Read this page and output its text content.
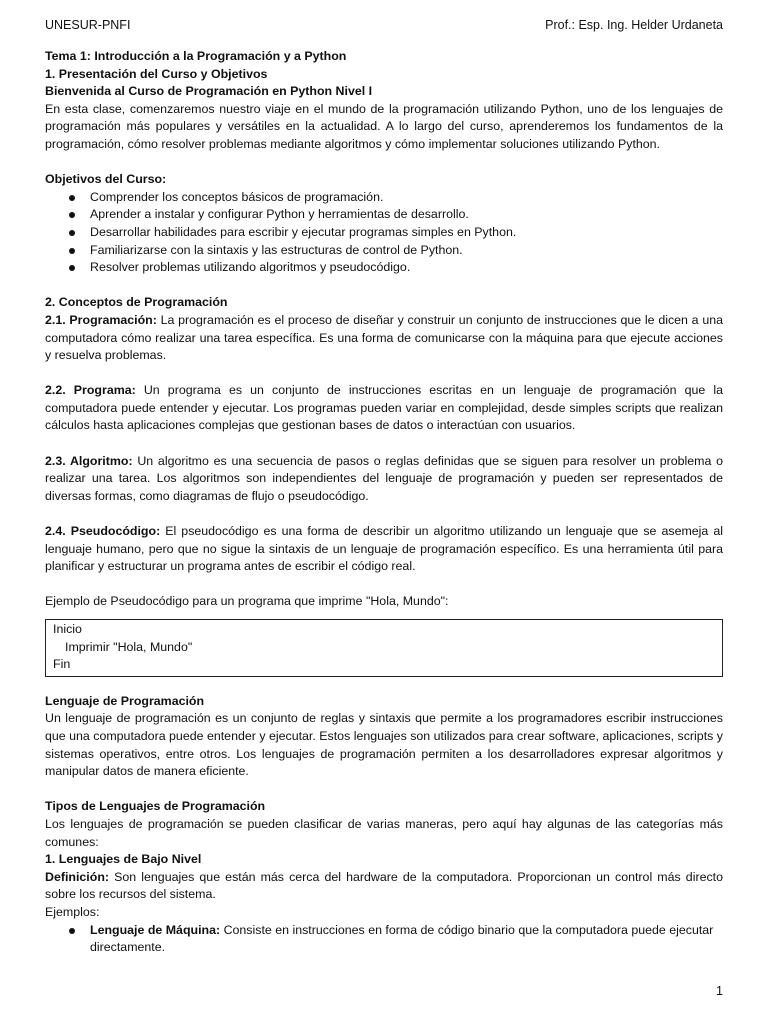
UNESUR-PNFI	Prof.: Esp. Ing. Helder Urdaneta

Tema 1: Introducción a la Programación y a Python

1. Presentación del Curso y Objetivos

Bienvenida al Curso de Programación en Python Nivel I

En esta clase, comenzaremos nuestro viaje en el mundo de la programación utilizando Python, uno de los lenguajes de programación más populares y versátiles en la actualidad. A lo largo del curso, aprenderemos los fundamentos de la programación, cómo resolver problemas mediante algoritmos y cómo implementar soluciones utilizando Python.

Objetivos del Curso:

Comprender los conceptos básicos de programación.
Aprender a instalar y configurar Python y herramientas de desarrollo.
Desarrollar habilidades para escribir y ejecutar programas simples en Python.
Familiarizarse con la sintaxis y las estructuras de control de Python.
Resolver problemas utilizando algoritmos y pseudocódigo.

2. Conceptos de Programación

2.1. Programación: La programación es el proceso de diseñar y construir un conjunto de instrucciones que le dicen a una computadora cómo realizar una tarea específica. Es una forma de comunicarse con la máquina para que ejecute acciones y resuelva problemas.

2.2. Programa: Un programa es un conjunto de instrucciones escritas en un lenguaje de programación que la computadora puede entender y ejecutar. Los programas pueden variar en complejidad, desde simples scripts que realizan cálculos hasta aplicaciones complejas que gestionan bases de datos o interactúan con usuarios.

2.3. Algoritmo: Un algoritmo es una secuencia de pasos o reglas definidas que se siguen para resolver un problema o realizar una tarea. Los algoritmos son independientes del lenguaje de programación y pueden ser representados de diversas formas, como diagramas de flujo o pseudocódigo.

2.4. Pseudocódigo: El pseudocódigo es una forma de describir un algoritmo utilizando un lenguaje que se asemeja al lenguaje humano, pero que no sigue la sintaxis de un lenguaje de programación específico. Es una herramienta útil para planificar y estructurar un programa antes de escribir el código real.

Ejemplo de Pseudocódigo para un programa que imprime "Hola, Mundo":

Inicio
Imprimir "Hola, Mundo"
Fin

Lenguaje de Programación

Un lenguaje de programación es un conjunto de reglas y sintaxis que permite a los programadores escribir instrucciones que una computadora puede entender y ejecutar. Estos lenguajes son utilizados para crear software, aplicaciones, scripts y sistemas operativos, entre otros. Los lenguajes de programación permiten a los desarrolladores expresar algoritmos y manipular datos de manera eficiente.

Tipos de Lenguajes de Programación

Los lenguajes de programación se pueden clasificar de varias maneras, pero aquí hay algunas de las categorías más comunes:

1. Lenguajes de Bajo Nivel

Definición: Son lenguajes que están más cerca del hardware de la computadora. Proporcionan un control más directo sobre los recursos del sistema.

Ejemplos:

Lenguaje de Máquina: Consiste en instrucciones en forma de código binario que la computadora puede ejecutar directamente.
1
